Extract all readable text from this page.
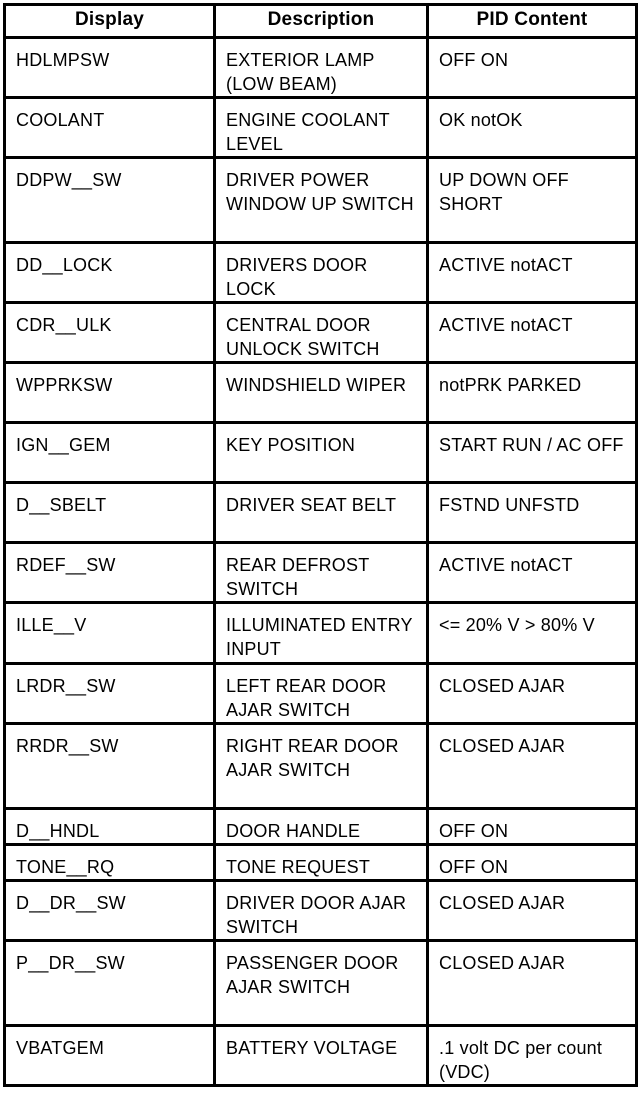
Display	Description	PID Content
HDLMPSW	EXTERIOR LAMP (LOW BEAM)	OFF ON
COOLANT	ENGINE COOLANT LEVEL	OK notOK
DDPW__SW	DRIVER POWER WINDOW UP SWITCH	UP DOWN OFF SHORT
DD__LOCK	DRIVERS DOOR LOCK	ACTIVE notACT
CDR__ULK	CENTRAL DOOR UNLOCK SWITCH	ACTIVE notACT
WPPRKSW	WINDSHIELD WIPER	notPRK PARKED
IGN__GEM	KEY POSITION	START RUN / AC OFF
D__SBELT	DRIVER SEAT BELT	FSTND UNFSTD
RDEF__SW	REAR DEFROST SWITCH	ACTIVE notACT
ILLE__V	ILLUMINATED ENTRY INPUT	<= 20% V > 80% V
LRDR__SW	LEFT REAR DOOR AJAR SWITCH	CLOSED AJAR
RRDR__SW	RIGHT REAR DOOR AJAR SWITCH	CLOSED AJAR
D__HNDL	DOOR HANDLE	OFF ON
TONE__RQ	TONE REQUEST	OFF ON
D__DR__SW	DRIVER DOOR AJAR SWITCH	CLOSED AJAR
P__DR__SW	PASSENGER DOOR AJAR SWITCH	CLOSED AJAR
VBATGEM	BATTERY VOLTAGE	.1 volt DC per count (VDC)
